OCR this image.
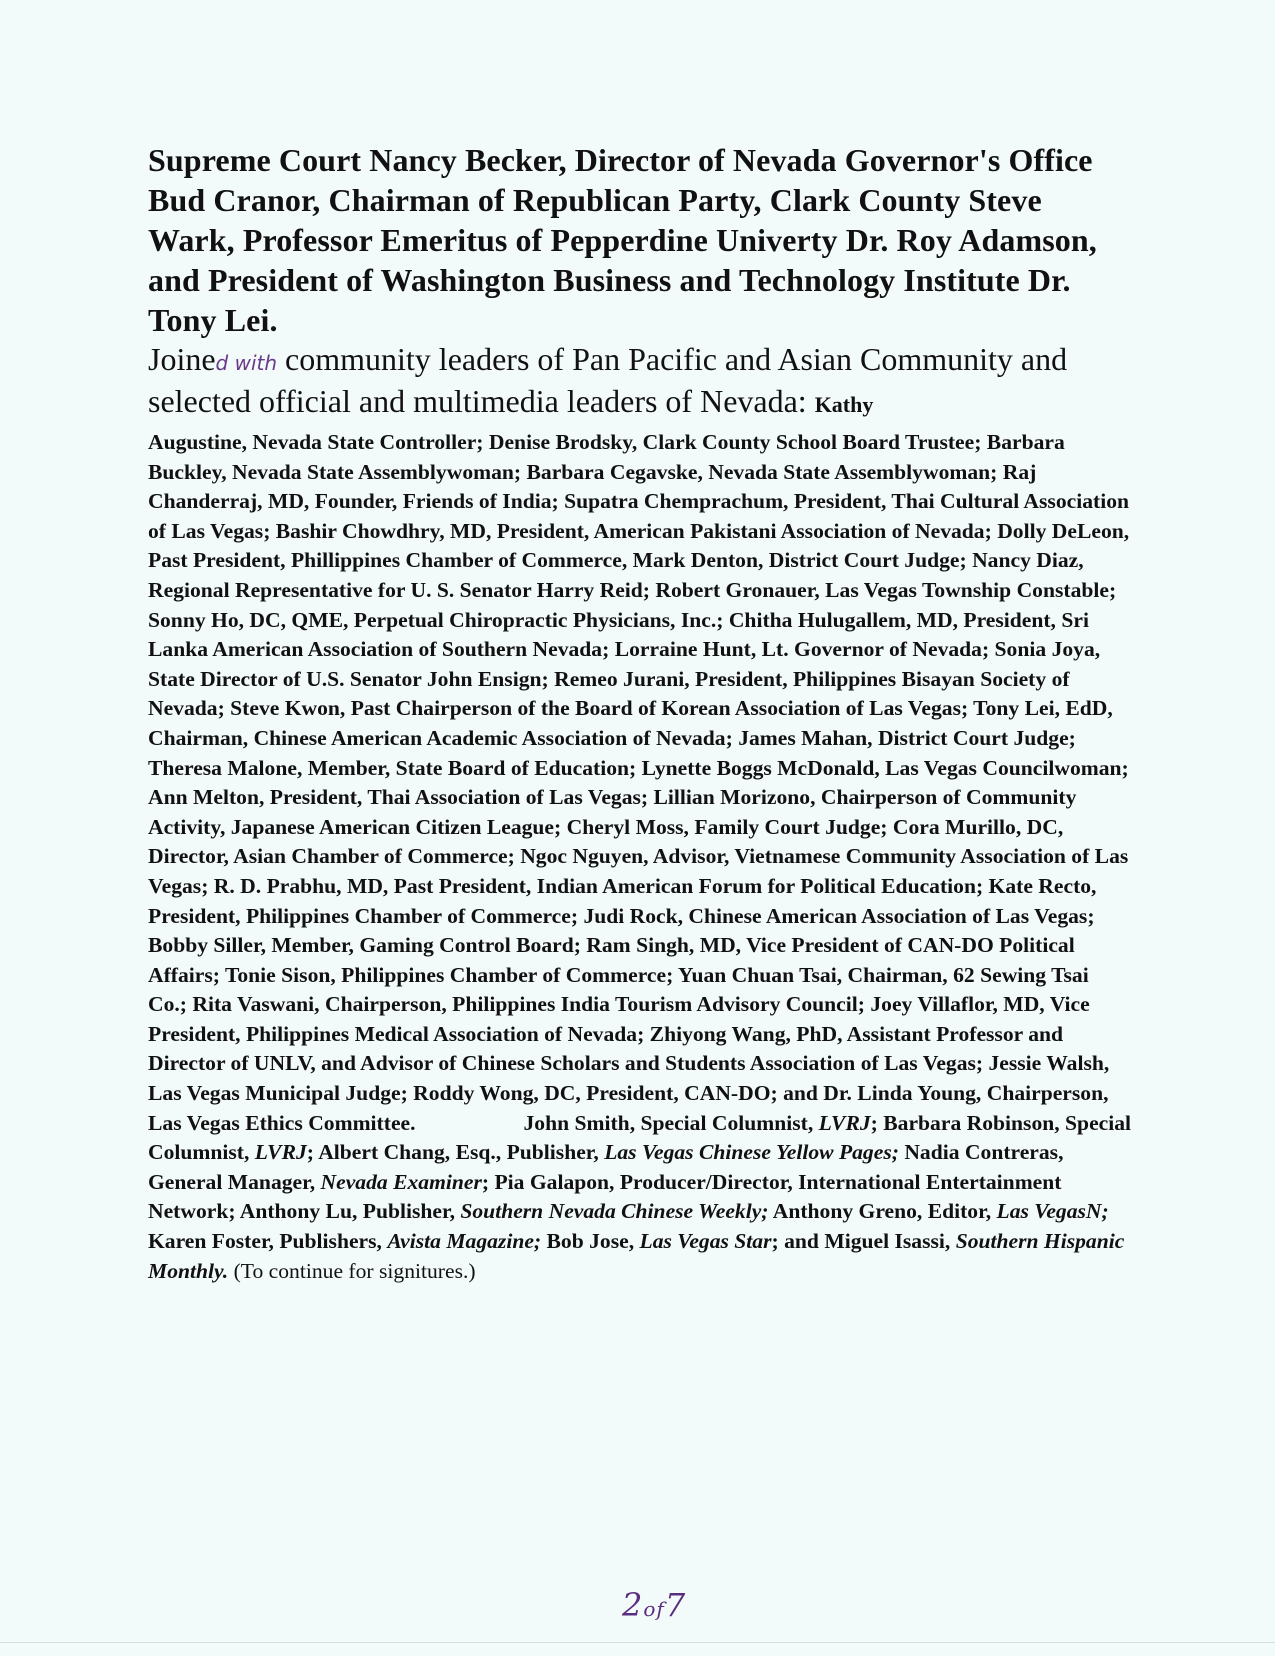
Supreme Court Nancy Becker, Director of Nevada Governor's Office Bud Cranor, Chairman of Republican Party, Clark County Steve Wark, Professor Emeritus of Pepperdine Univerty Dr. Roy Adamson, and President of Washington Business and Technology Institute Dr. Tony Lei.

Joined with community leaders of Pan Pacific and Asian Community and selected official and multimedia leaders of Nevada: Kathy

Augustine, Nevada State Controller; Denise Brodsky, Clark County School Board Trustee; Barbara Buckley, Nevada State Assemblywoman; Barbara Cegavske, Nevada State Assemblywoman; Raj Chanderraj, MD, Founder, Friends of India; Supatra Chemprachum, President, Thai Cultural Association of Las Vegas; Bashir Chowdhry, MD, President, American Pakistani Association of Nevada; Dolly DeLeon, Past President, Phillippines Chamber of Commerce, Mark Denton, District Court Judge; Nancy Diaz, Regional Representative for U. S. Senator Harry Reid; Robert Gronauer, Las Vegas Township Constable; Sonny Ho, DC, QME, Perpetual Chiropractic Physicians, Inc.; Chitha Hulugallem, MD, President, Sri Lanka American Association of Southern Nevada; Lorraine Hunt, Lt. Governor of Nevada; Sonia Joya, State Director of U.S. Senator John Ensign; Remeo Jurani, President, Philippines Bisayan Society of Nevada; Steve Kwon, Past Chairperson of the Board of Korean Association of Las Vegas; Tony Lei, EdD, Chairman, Chinese American Academic Association of Nevada; James Mahan, District Court Judge; Theresa Malone, Member, State Board of Education; Lynette Boggs McDonald, Las Vegas Councilwoman; Ann Melton, President, Thai Association of Las Vegas; Lillian Morizono, Chairperson of Community Activity, Japanese American Citizen League; Cheryl Moss, Family Court Judge; Cora Murillo, DC, Director, Asian Chamber of Commerce; Ngoc Nguyen, Advisor, Vietnamese Community Association of Las Vegas; R. D. Prabhu, MD, Past President, Indian American Forum for Political Education; Kate Recto, President, Philippines Chamber of Commerce; Judi Rock, Chinese American Association of Las Vegas; Bobby Siller, Member, Gaming Control Board; Ram Singh, MD, Vice President of CAN-DO Political Affairs; Tonie Sison, Philippines Chamber of Commerce; Yuan Chuan Tsai, Chairman, 62 Sewing Tsai Co.; Rita Vaswani, Chairperson, Philippines India Tourism Advisory Council; Joey Villaflor, MD, Vice President, Philippines Medical Association of Nevada; Zhiyong Wang, PhD, Assistant Professor and Director of UNLV, and Advisor of Chinese Scholars and Students Association of Las Vegas; Jessie Walsh, Las Vegas Municipal Judge; Roddy Wong, DC, President, CAN-DO; and Dr. Linda Young, Chairperson, Las Vegas Ethics Committee.	John Smith, Special Columnist, LVRJ; Barbara Robinson, Special Columnist, LVRJ; Albert Chang, Esq., Publisher, Las Vegas Chinese Yellow Pages; Nadia Contreras, General Manager, Nevada Examiner; Pia Galapon, Producer/Director, International Entertainment Network; Anthony Lu, Publisher, Southern Nevada Chinese Weekly; Anthony Greno, Editor, Las VegasN; Karen Foster, Publishers, Avista Magazine; Bob Jose, Las Vegas Star; and Miguel Isassi, Southern Hispanic Monthly. (To continue for signitures.)

2of7
